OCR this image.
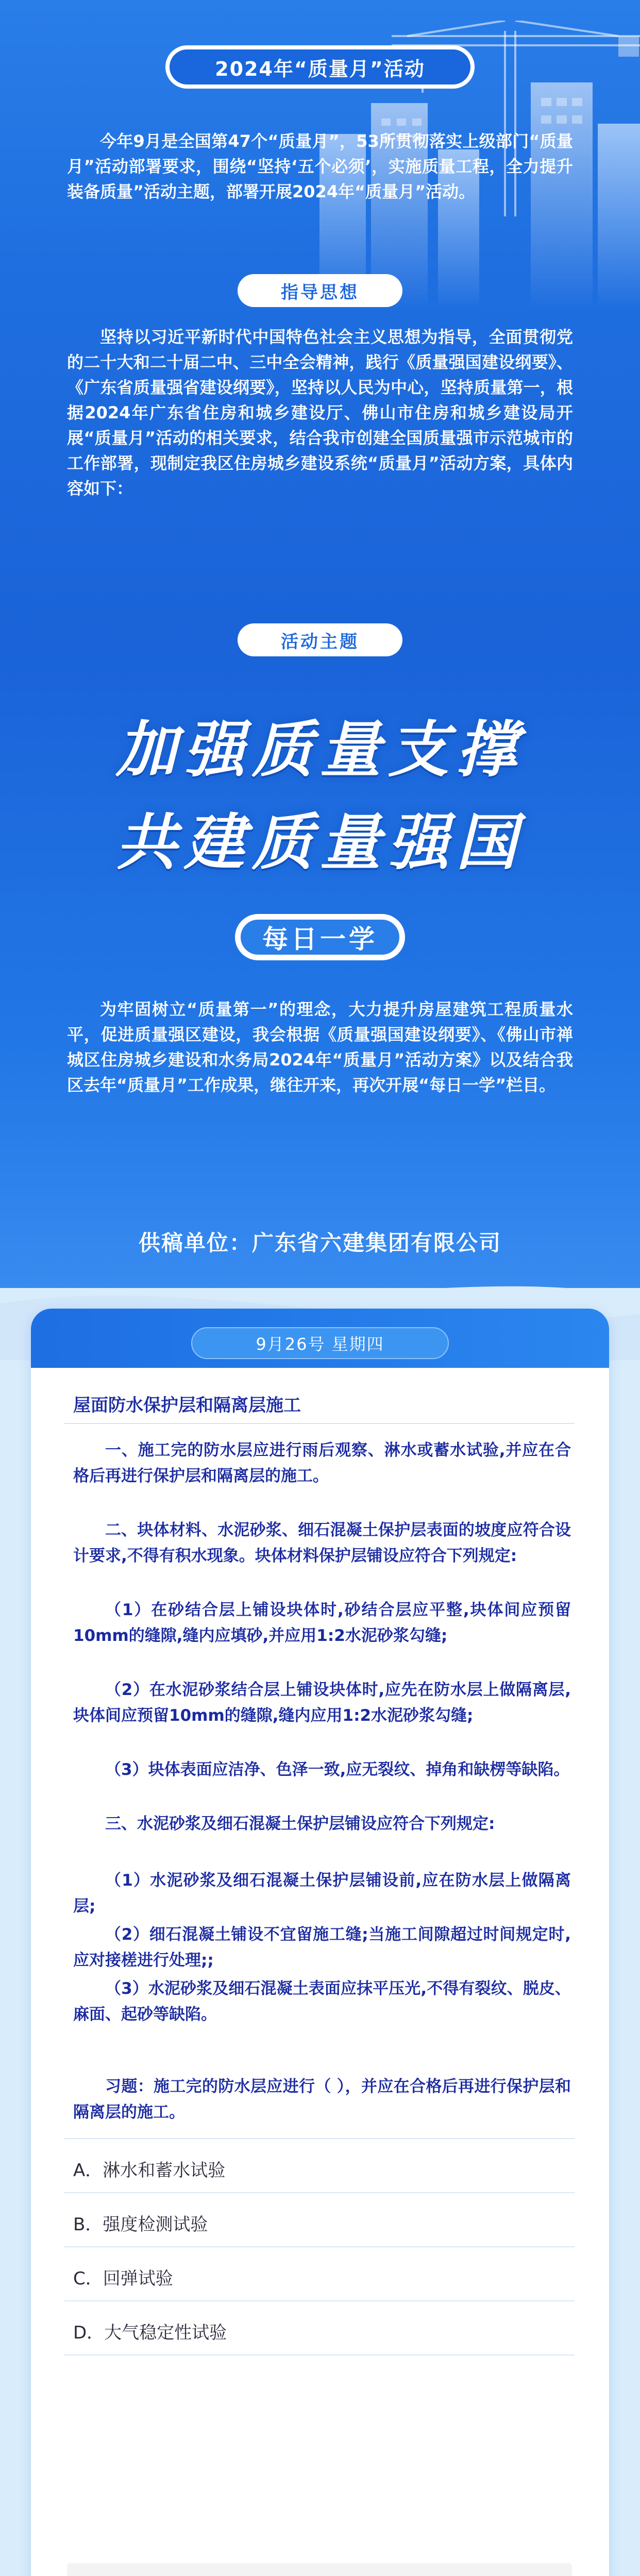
2024年“质量月”活动
今年9月是全国第47个“质量月”，53所贯彻落实上级部门“质量月”活动部署要求，围绕“坚持‘五个必须’，实施质量工程，全力提升装备质量”活动主题，部署开展2024年“质量月”活动。
指导思想
坚持以习近平新时代中国特色社会主义思想为指导，全面贯彻党的二十大和二十届二中、三中全会精神，践行《质量强国建设纲要》、《广东省质量强省建设纲要》，坚持以人民为中心，坚持质量第一，根据2024年广东省住房和城乡建设厅、佛山市住房和城乡建设局开展“质量月”活动的相关要求，结合我市创建全国质量强市示范城市的工作部署，现制定我区住房城乡建设系统“质量月”活动方案，具体内容如下：
活动主题
加强质量支撑
共建质量强国
每日一学
为牢固树立“质量第一”的理念，大力提升房屋建筑工程质量水平，促进质量强区建设，我会根据《质量强国建设纲要》、《佛山市禅城区住房城乡建设和水务局2024年“质量月”活动方案》以及结合我区去年“质量月”工作成果，继往开来，再次开展“每日一学”栏目。
供稿单位：广东省六建集团有限公司
9月26号 星期四
屋面防水保护层和隔离层施工
一、施工完的防水层应进行雨后观察、淋水或蓄水试验,并应在合格后再进行保护层和隔离层的施工。
二、块体材料、水泥砂浆、细石混凝土保护层表面的坡度应符合设计要求,不得有积水现象。块体材料保护层铺设应符合下列规定:
（1）在砂结合层上铺设块体时,砂结合层应平整,块体间应预留10mm的缝隙,缝内应填砂,并应用1:2水泥砂浆勾缝;
（2）在水泥砂浆结合层上铺设块体时,应先在防水层上做隔离层,块体间应预留10mm的缝隙,缝内应用1:2水泥砂浆勾缝;
（3）块体表面应洁净、色泽一致,应无裂纹、掉角和缺楞等缺陷。
三、水泥砂浆及细石混凝土保护层铺设应符合下列规定:
（1）水泥砂浆及细石混凝土保护层铺设前,应在防水层上做隔离层;
（2）细石混凝土铺设不宜留施工缝;当施工间隙超过时间规定时,应对接槎进行处理;;
（3）水泥砂浆及细石混凝土表面应抹平压光,不得有裂纹、脱皮、麻面、起砂等缺陷。
习题：施工完的防水层应进行（ ），并应在合格后再进行保护层和隔离层的施工。
A．淋水和蓄水试验
B．强度检测试验
C．回弹试验
D．大气稳定性试验
